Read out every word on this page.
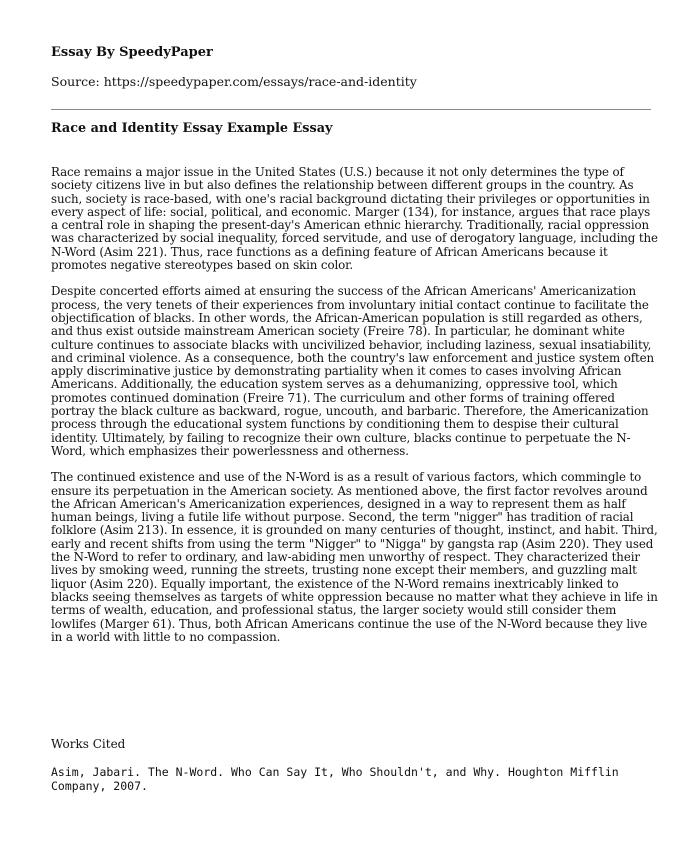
Essay By SpeedyPaper

Source: https://speedypaper.com/essays/race-and-identity

Race and Identity Essay Example Essay

Race remains a major issue in the United States (U.S.) because it not only determines the type of society citizens live in but also defines the relationship between different groups in the country. As such, society is race-based, with one's racial background dictating their privileges or opportunities in every aspect of life: social, political, and economic. Marger (134), for instance, argues that race plays a central role in shaping the present-day's American ethnic hierarchy. Traditionally, racial oppression was characterized by social inequality, forced servitude, and use of derogatory language, including the N-Word (Asim 221). Thus, race functions as a defining feature of African Americans because it promotes negative stereotypes based on skin color.

Despite concerted efforts aimed at ensuring the success of the African Americans' Americanization process, the very tenets of their experiences from involuntary initial contact continue to facilitate the objectification of blacks. In other words, the African-American population is still regarded as others, and thus exist outside mainstream American society (Freire 78). In particular, he dominant white culture continues to associate blacks with uncivilized behavior, including laziness, sexual insatiability, and criminal violence. As a consequence, both the country's law enforcement and justice system often apply discriminative justice by demonstrating partiality when it comes to cases involving African Americans. Additionally, the education system serves as a dehumanizing, oppressive tool, which promotes continued domination (Freire 71). The curriculum and other forms of training offered portray the black culture as backward, rogue, uncouth, and barbaric. Therefore, the Americanization process through the educational system functions by conditioning them to despise their cultural identity. Ultimately, by failing to recognize their own culture, blacks continue to perpetuate the N-Word, which emphasizes their powerlessness and otherness.

The continued existence and use of the N-Word is as a result of various factors, which commingle to ensure its perpetuation in the American society. As mentioned above, the first factor revolves around the African American's Americanization experiences, designed in a way to represent them as half human beings, living a futile life without purpose. Second, the term "nigger" has tradition of racial folklore (Asim 213). In essence, it is grounded on many centuries of thought, instinct, and habit. Third, early and recent shifts from using the term "Nigger" to "Nigga" by gangsta rap (Asim 220). They used the N-Word to refer to ordinary, and law-abiding men unworthy of respect. They characterized their lives by smoking weed, running the streets, trusting none except their members, and guzzling malt liquor (Asim 220). Equally important, the existence of the N-Word remains inextricably linked to blacks seeing themselves as targets of white oppression because no matter what they achieve in life in terms of wealth, education, and professional status, the larger society would still consider them lowlifes (Marger 61). Thus, both African Americans continue the use of the N-Word because they live in a world with little to no compassion.

Works Cited

Asim, Jabari. The N-Word. Who Can Say It, Who Shouldn't, and Why. Houghton Mifflin Company, 2007.
